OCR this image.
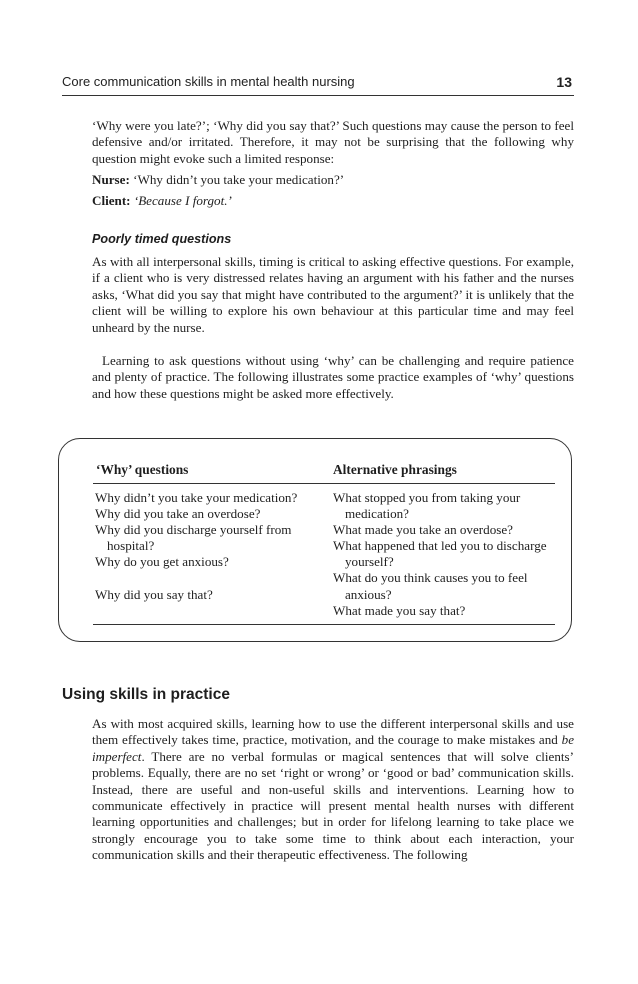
Core communication skills in mental health nursing	13

‘Why were you late?’; ‘Why did you say that?’ Such questions may cause the person to feel defensive and/or irritated. Therefore, it may not be surprising that the following why question might evoke such a limited response:

Nurse: ‘Why didn’t you take your medication?’
Client: ‘Because I forgot.’
Poorly timed questions

As with all interpersonal skills, timing is critical to asking effective questions. For example, if a client who is very distressed relates having an argument with his father and the nurses asks, ‘What did you say that might have contributed to the argument?’ it is unlikely that the client will be willing to explore his own behaviour at this particular time and may feel unheard by the nurse.

Learning to ask questions without using ‘why’ can be challenging and require patience and plenty of practice. The following illustrates some practice examples of ‘why’ questions and how these questions might be asked more effectively.

‘Why’ questions	Alternative phrasings
Why didn’t you take your medication?
Why did you take an overdose?
Why did you discharge yourself from hospital?
Why do you get anxious?
Why did you say that?
What stopped you from taking your medication?
What made you take an overdose?
What happened that led you to discharge yourself?
What do you think causes you to feel anxious?
What made you say that?
Using skills in practice

As with most acquired skills, learning how to use the different interpersonal skills and use them effectively takes time, practice, motivation, and the courage to make mistakes and be imperfect. There are no verbal formulas or magical sentences that will solve clients’ problems. Equally, there are no set ‘right or wrong’ or ‘good or bad’ communication skills. Instead, there are useful and non-useful skills and interventions. Learning how to communicate effectively in practice will present mental health nurses with different learning opportunities and challenges; but in order for lifelong learning to take place we strongly encourage you to take some time to think about each interaction, your communication skills and their therapeutic effectiveness. The following
